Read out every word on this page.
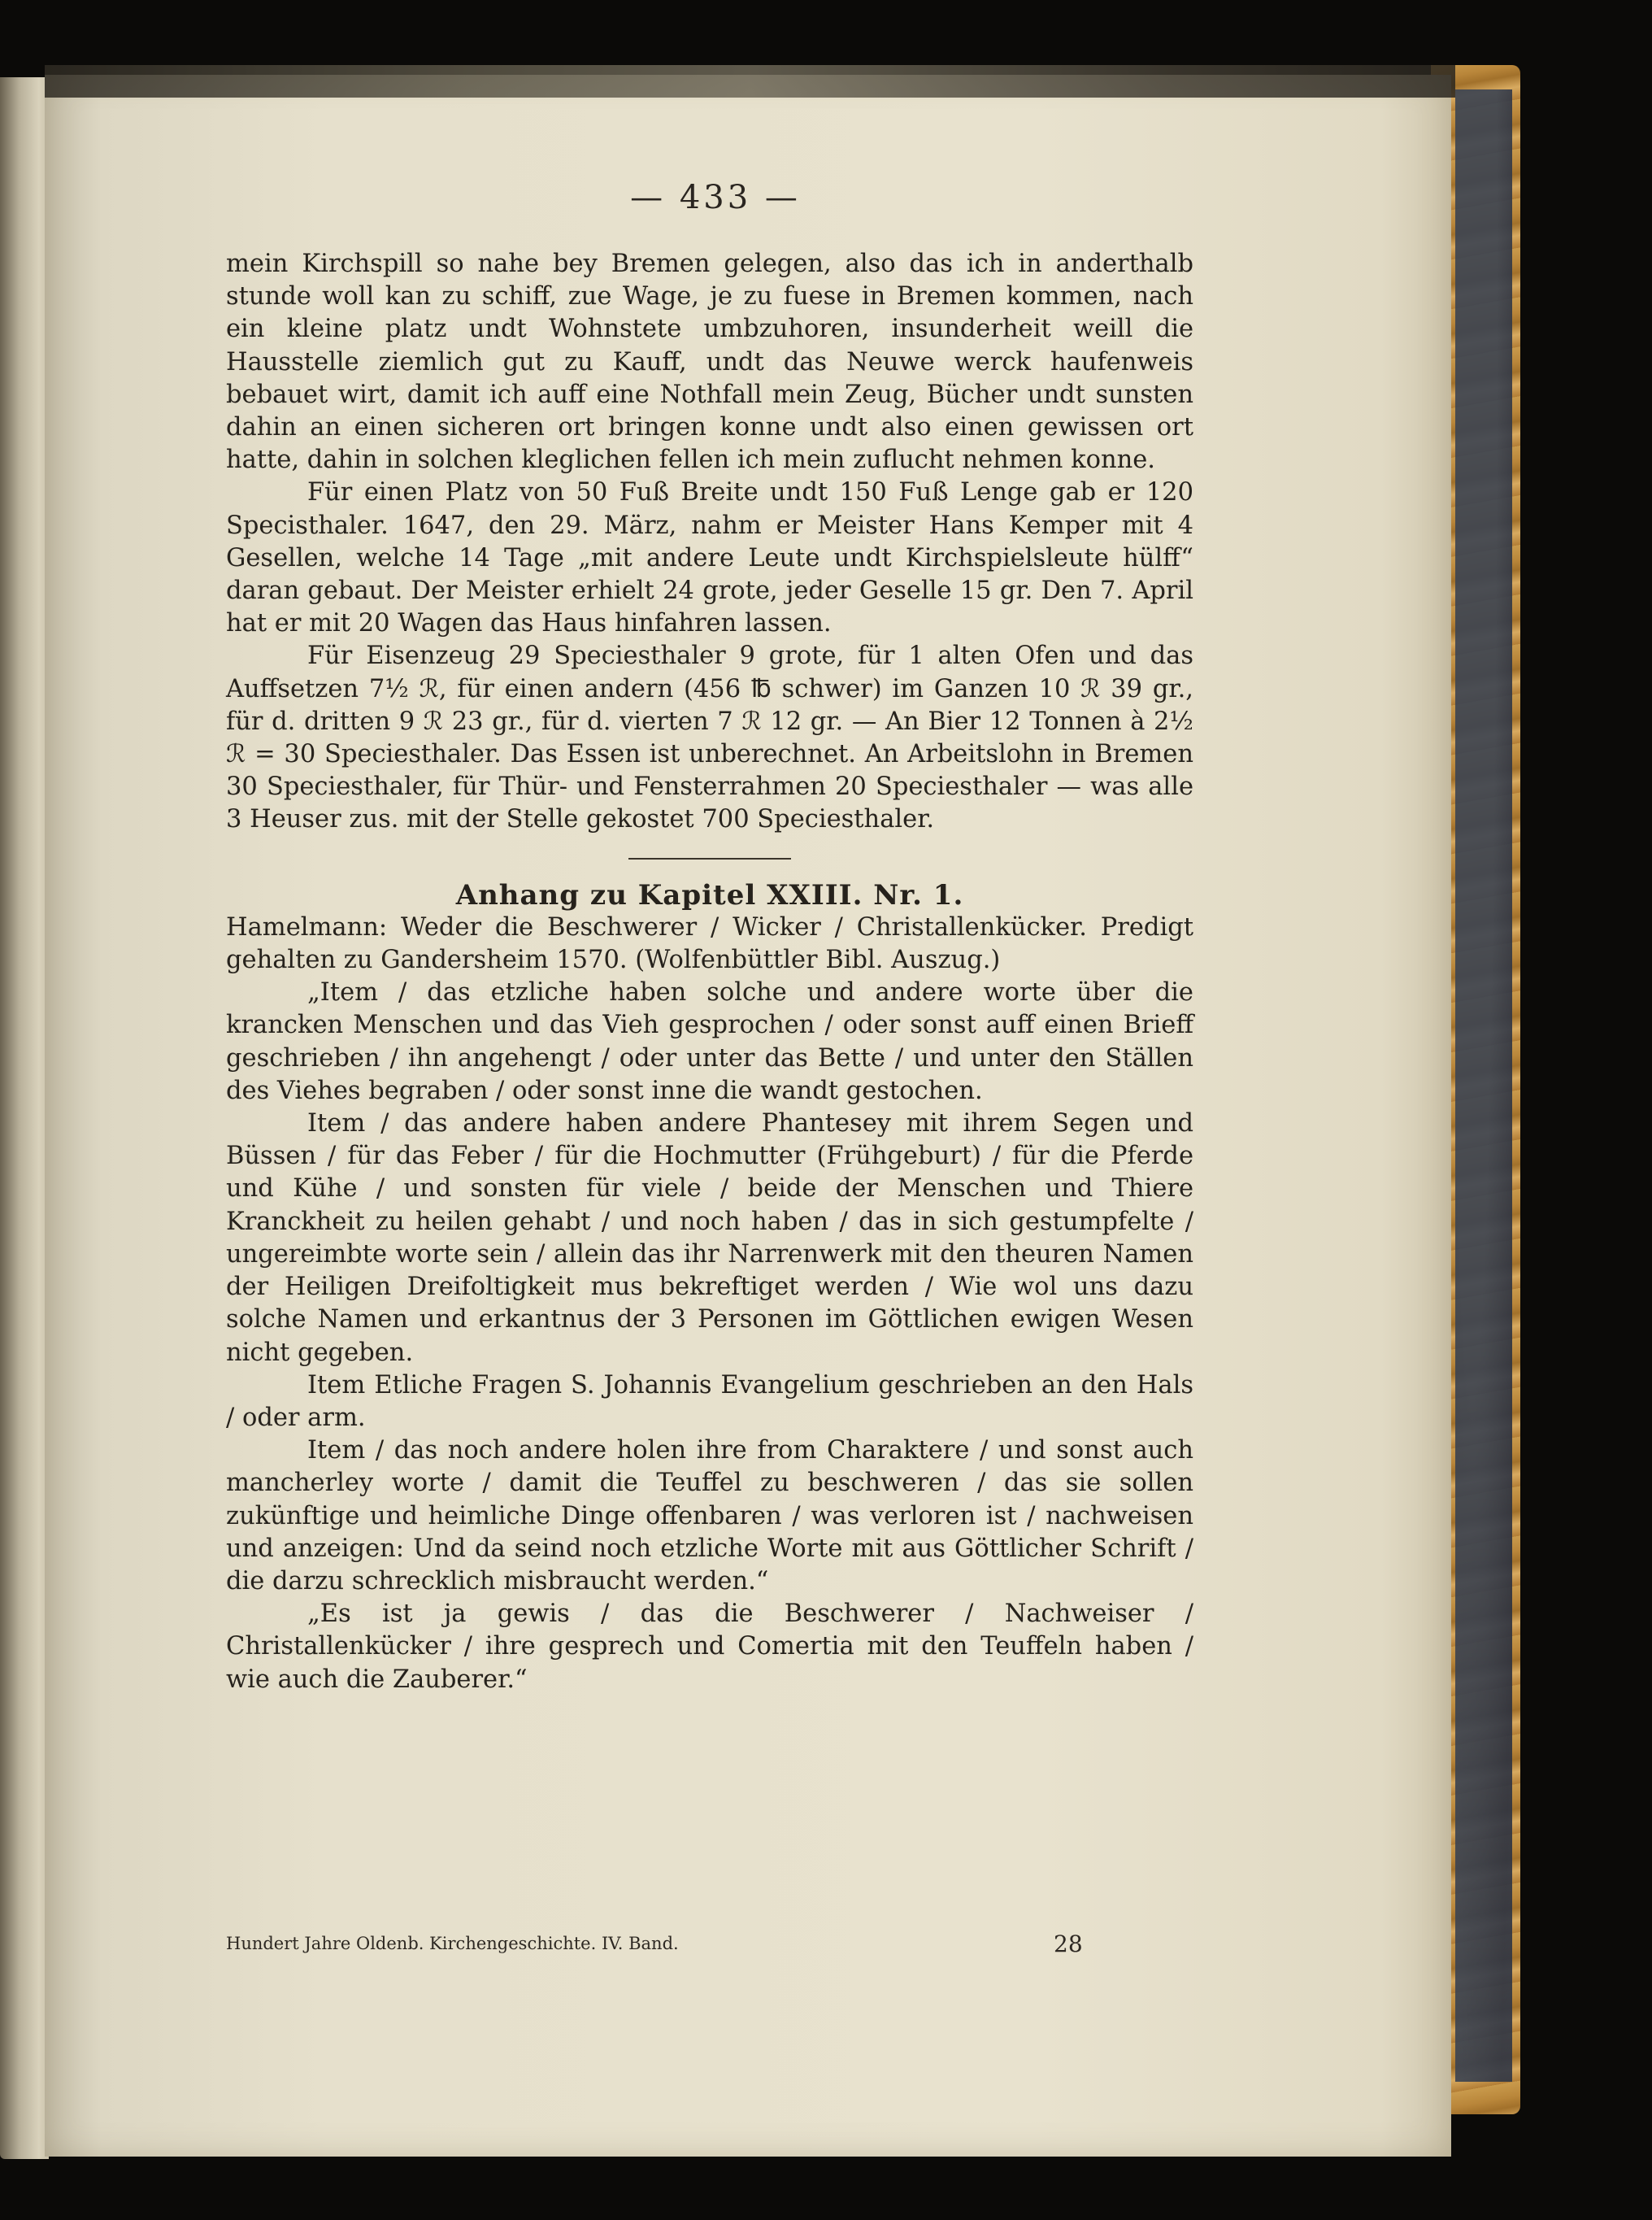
— 433 —

mein Kirchspill so nahe bey Bremen gelegen, also das ich in anderthalb stunde woll kan zu schiff, zue Wage, je zu fuese in Bremen kommen, nach ein kleine platz undt Wohnstete umbzuhoren, insunderheit weill die Hausstelle ziemlich gut zu Kauff, undt das Neuwe werck haufenweis bebauet wirt, damit ich auff eine Nothfall mein Zeug, Bücher undt sunsten dahin an einen sicheren ort bringen konne undt also einen gewissen ort hatte, dahin in solchen kleglichen fellen ich mein zuflucht nehmen konne.

Für einen Platz von 50 Fuß Breite undt 150 Fuß Lenge gab er 120 Specisthaler. 1647, den 29. März, nahm er Meister Hans Kemper mit 4 Gesellen, welche 14 Tage „mit andere Leute undt Kirchspielsleute hülff“ daran gebaut. Der Meister erhielt 24 grote, jeder Geselle 15 gr. Den 7. April hat er mit 20 Wagen das Haus hinfahren lassen.

Für Eisenzeug 29 Speciesthaler 9 grote, für 1 alten Ofen und das Auffsetzen 7½ ℛ, für einen andern (456 ℔ schwer) im Ganzen 10 ℛ 39 gr., für d. dritten 9 ℛ 23 gr., für d. vierten 7 ℛ 12 gr. — An Bier 12 Tonnen à 2½ ℛ = 30 Speciesthaler. Das Essen ist unberechnet. An Arbeitslohn in Bremen 30 Speciesthaler, für Thür- und Fensterrahmen 20 Speciesthaler — was alle 3 Heuser zus. mit der Stelle gekostet 700 Speciesthaler.

Anhang zu Kapitel XXIII. Nr. 1.

Hamelmann: Weder die Beschwerer / Wicker / Christallenkücker. Predigt gehalten zu Gandersheim 1570. (Wolfenbüttler Bibl. Auszug.)

„Item / das etzliche haben solche und andere worte über die krancken Menschen und das Vieh gesprochen / oder sonst auff einen Brieff geschrieben / ihn angehengt / oder unter das Bette / und unter den Ställen des Viehes begraben / oder sonst inne die wandt gestochen.

Item / das andere haben andere Phantesey mit ihrem Segen und Büssen / für das Feber / für die Hochmutter (Frühgeburt) / für die Pferde und Kühe / und sonsten für viele / beide der Menschen und Thiere Kranckheit zu heilen gehabt / und noch haben / das in sich gestumpfelte / ungereimbte worte sein / allein das ihr Narrenwerk mit den theuren Namen der Heiligen Dreifoltigkeit mus bekreftiget werden / Wie wol uns dazu solche Namen und erkantnus der 3 Personen im Göttlichen ewigen Wesen nicht gegeben.

Item Etliche Fragen S. Johannis Evangelium geschrieben an den Hals / oder arm.

Item / das noch andere holen ihre from Charaktere / und sonst auch mancherley worte / damit die Teuffel zu beschweren / das sie sollen zukünftige und heimliche Dinge offenbaren / was verloren ist / nachweisen und anzeigen: Und da seind noch etzliche Worte mit aus Göttlicher Schrift / die darzu schrecklich misbraucht werden.“

„Es ist ja gewis / das die Beschwerer / Nachweiser / Christallenkücker / ihre gesprech und Comertia mit den Teuffeln haben / wie auch die Zauberer.“

Hundert Jahre Oldenb. Kirchengeschichte. IV. Band.	28
